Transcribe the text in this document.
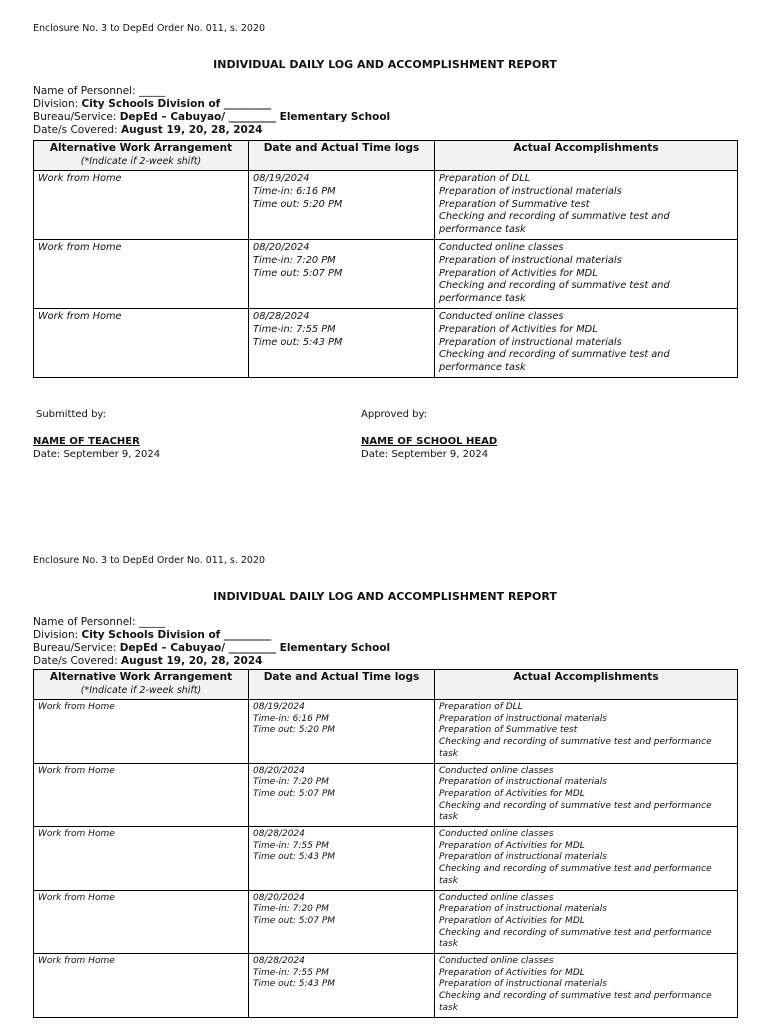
Enclosure No. 3 to DepEd Order No. 011, s. 2020
INDIVIDUAL DAILY LOG AND ACCOMPLISHMENT REPORT
Name of Personnel: _____
Division: City Schools Division of _________
Bureau/Service: DepEd – Cabuyao/ _________ Elementary School
Date/s Covered: August 19, 20, 28, 2024
Alternative Work Arrangement
(*Indicate if 2-week shift)	Date and Actual Time logs	Actual Accomplishments
Work from Home	08/19/2024
Time-in: 6:16 PM
Time out: 5:20 PM	Preparation of DLL
Preparation of instructional materials
Preparation of Summative test
Checking and recording of summative test and performance task

Work from Home	08/20/2024
Time-in: 7:20 PM
Time out: 5:07 PM	Conducted online classes
Preparation of instructional materials
Preparation of Activities for MDL
Checking and recording of summative test and performance task

Work from Home	08/28/2024
Time-in: 7:55 PM
Time out: 5:43 PM	Conducted online classes
Preparation of Activities for MDL
Preparation of instructional materials
Checking and recording of summative test and performance task
Submitted by:
NAME OF TEACHER
Date: September 9, 2024
Approved by:
NAME OF SCHOOL HEAD
Date: September 9, 2024
Enclosure No. 3 to DepEd Order No. 011, s. 2020
INDIVIDUAL DAILY LOG AND ACCOMPLISHMENT REPORT
Name of Personnel: _____
Division: City Schools Division of _________
Bureau/Service: DepEd – Cabuyao/ _________ Elementary School
Date/s Covered: August 19, 20, 28, 2024
Alternative Work Arrangement
(*Indicate if 2-week shift)	Date and Actual Time logs	Actual Accomplishments
Work from Home	08/19/2024
Time-in: 6:16 PM
Time out: 5:20 PM	Preparation of DLL
Preparation of instructional materials
Preparation of Summative test
Checking and recording of summative test and performance task

Work from Home	08/20/2024
Time-in: 7:20 PM
Time out: 5:07 PM	Conducted online classes
Preparation of instructional materials
Preparation of Activities for MDL
Checking and recording of summative test and performance task

Work from Home	08/28/2024
Time-in: 7:55 PM
Time out: 5:43 PM	Conducted online classes
Preparation of Activities for MDL
Preparation of instructional materials
Checking and recording of summative test and performance task

Work from Home	08/20/2024
Time-in: 7:20 PM
Time out: 5:07 PM	Conducted online classes
Preparation of instructional materials
Preparation of Activities for MDL
Checking and recording of summative test and performance task

Work from Home	08/28/2024
Time-in: 7:55 PM
Time out: 5:43 PM	Conducted online classes
Preparation of Activities for MDL
Preparation of instructional materials
Checking and recording of summative test and performance task
